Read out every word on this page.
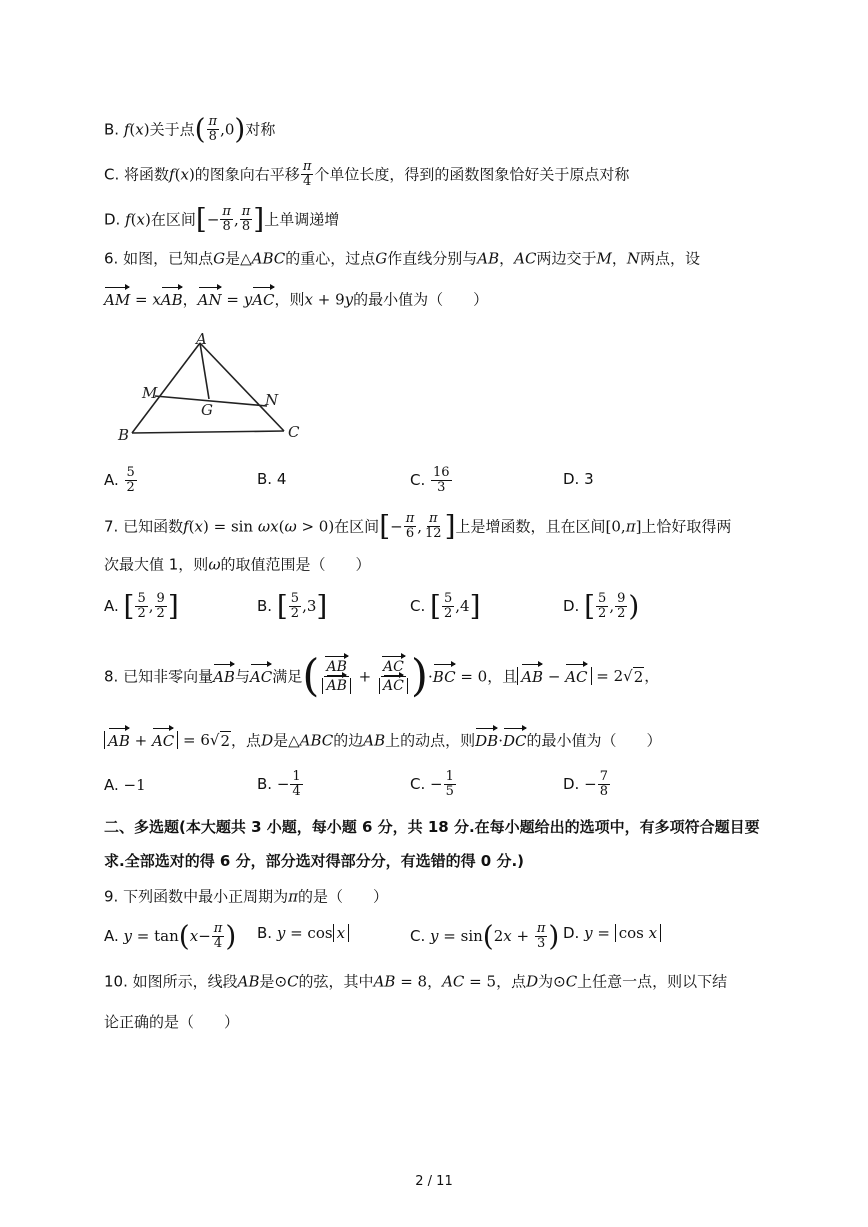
B. f(x)关于点( $\frac{\pi}{8} ,0$)对称
C. 将函数f(x)的图象向右平移 $\frac{\pi}{4}$ 个单位长度，得到的函数图象恰好关于原点对称
D. f(x)在区间[− $\frac{\pi}{8}$ , $\frac{\pi}{8}$ ]上单调递增
6. 如图，已知点G是△ABC的重心，过点G作直线分别与AB，AC两边交于M，N两点，设
AM = xAB，AN = yAC，则x + 9y的最小值为（　　）
A
M
G
N
B	C
A. $\frac{5}{2}$	B. 4	C. $\frac{16}{3}$	D. 3
7. 已知函数f(x) = sin ωx(ω > 0)在区间[− $\frac{\pi}{6}$ , $\frac{\pi}{12}$ ]上是增函数，且在区间[0,π]上恰好取得两
次最大值 1，则ω的取值范围是（　　）
A. [ $\frac{5}{2}$ , $\frac{9}{2}$ ]	B. [ $\frac{5}{2} ,3$]	C. [ $\frac{5}{2} ,4$]	D. [ $\frac{5}{2}$ , $\frac{9}{2}$ )
8. 已知非零向量AB与AC满足( $\frac{AB}{AB} + \frac{AC}{AC} )\cdot BC = 0$，且 AB − AC = 2√2，
AB + AC = 6√2，点D是△ABC的边AB上的动点，则DB·DC的最小值为（　　）
A. −1	B. − $\frac{1}{4}$	C. − $\frac{1}{5}$	D. − $\frac{7}{8}$
二、多选题(本大题共 3 小题，每小题 6 分，共 18 分.在每小题给出的选项中，有多项符合题目要
求.全部选对的得 6 分，部分选对得部分分，有选错的得 0 分.)
9. 下列函数中最小正周期为π的是（　　）
A. $y = \tan(x- \frac{\pi}{4}$ ) B. y = cos x	C. $y = \sin(2x + \frac{\pi}{3}$ ) D. y = cos x
10. 如图所示，线段AB是⊙C的弦，其中AB = 8，AC = 5，点D为⊙C上任意一点，则以下结
论正确的是（　　）
2 / 11
